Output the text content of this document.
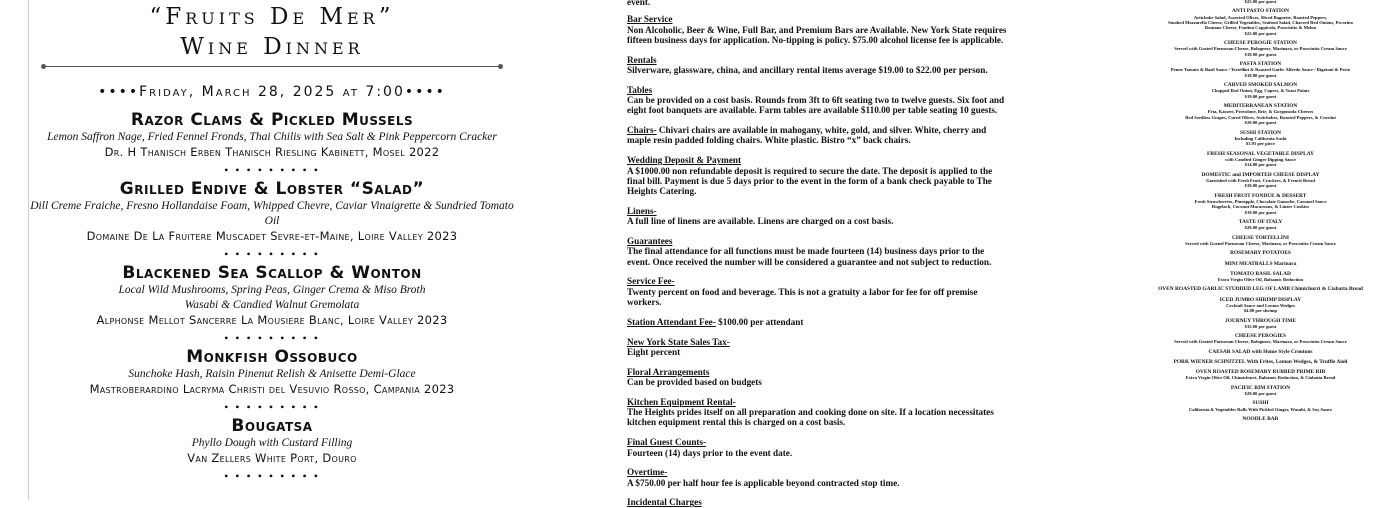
“Fruits De Mer”
Wine Dinner
••••Friday, March 28, 2025 at 7:00••••
Razor Clams & Pickled Mussels
Lemon Saffron Nage, Fried Fennel Fronds, Thai Chilis with Sea Salt & Pink Peppercorn Cracker
Dr. H Thanisch Erben Thanisch Riesling Kabinett, Mosel 2022
• • • • • • • • •
Grilled Endive & Lobster “Salad”
Dill Creme Fraiche, Fresno Hollandaise Foam, Whipped Chevre, Caviar Vinaigrette & Sundried Tomato Oil
Domaine De La Fruitere Muscadet Sevre-et-Maine, Loire Valley 2023
• • • • • • • • •
Blackened Sea Scallop & Wonton
Local Wild Mushrooms, Spring Peas, Ginger Crema & Miso Broth
Wasabi & Candied Walnut Gremolata
Alphonse Mellot Sancerre La Mousiere Blanc, Loire Valley 2023
• • • • • • • • •
Monkfish Ossobuco
Sunchoke Hash, Raisin Pinenut Relish & Anisette Demi-Glace
Mastroberardino Lacryma Christi del Vesuvio Rosso, Campania 2023
• • • • • • • • •
Bougatsa
Phyllo Dough with Custard Filling
Van Zellers White Port, Douro
• • • • • • • • •
event.
Bar Service
Non Alcoholic, Beer & Wine, Full Bar, and Premium Bars are Available. New York State requires fifteen business days for application. No-tipping is policy. $75.00 alcohol license fee is applicable.
Rentals
Silverware, glassware, china, and ancillary rental items average $19.00 to $22.00 per person.
Tables
Can be provided on a cost basis. Rounds from 3ft to 6ft seating two to twelve guests. Six foot and eight foot banquets are available. Farm tables are available $110.00 per table seating 10 guests.
Chairs- Chivari chairs are available in mahogany, white, gold, and silver. White, cherry and maple resin padded folding chairs. White plastic. Bistro “x” back chairs.
Wedding Deposit & Payment
A $1000.00 non refundable deposit is required to secure the date. The deposit is applied to the final bill. Payment is due 5 days prior to the event in the form of a bank check payable to The Heights Catering.
Linens-
A full line of linens are available. Linens are charged on a cost basis.
Guarantees
The final attendance for all functions must be made fourteen (14) business days prior to the event. Once received the number will be considered a guarantee and not subject to reduction.
Service Fee-
Twenty percent on food and beverage. This is not a gratuity a labor for fee for off premise workers.
Station Attendant Fee- $100.00 per attendant
New York State Sales Tax-
Eight percent
Floral Arrangements
Can be provided based on budgets
Kitchen Equipment Rental-
The Heights prides itself on all preparation and cooking done on site. If a location necessitates kitchen equipment rental this is charged on a cost basis.
Final Guest Counts-
Fourteen (14) days prior to the event date.
Overtime-
A $750.00 per half hour fee is applicable beyond contracted stop time.
Incidental Charges
$25.00 per guest
ANTI PASTO STATION
Artichoke Salad, Assorted Olives, Sliced Baguette, Roasted Peppers,
Smoked Mozzarella Cheese, Grilled Vegetables, Seafood Salad, Charred Red Onions, Pecorino
Romano Cheese, Fontina Cappicola, Prosciutto & Melon
$22.00 per guest
CHEESE PEROGIE STATION
Served with Grated Parmesan Cheese, Bolognese, Marinara, or Prosciutto Cream Sauce
$18.00 per guest
PASTA STATION
Penne Tomato & Basil Sauce / Tortellini & Roasted Garlic Alfredo Sauce / Rigatoni & Pesto
$18.00 per guest
CARVED SMOKED SALMON
Chopped Red Onion, Egg, Capers, & Toast Points
$19.00 per guest
MEDITERRANEAN STATION
Feta, Kasseri, Provolone, Brie, & Gorgonzola Cheeses
Red Seedless Grapes, Cured Olives, Artichokes, Roasted Peppers, & Crostini
$20.00 per guest
SUSHI STATION
Including California Sushi
$3.95 per piece
FRESH SEASONAL VEGETABLE DISPLAY
with Candied Ginger Dipping Sauce
$14.00 per guest
DOMESTIC and IMPORTED CHEESE DISPLAY
Garnished with Fresh Fruit, Crackers, & French Bread
$19.00 per guest
FRESH FRUIT FONDUE & DESSERT
Fresh Strawberries, Pineapple, Chocolate Ganache, Caramel Sauce
Rugelach, Coconut Macaroons, & Linzer Cookies
$19.00 per guest
TASTE OF ITALY
$29.00 per guest
CHEESE TORTELLINI
Served with Grated Parmesan Cheese, Marinara, or Prosciutto Cream Sauce
ROSEMARY POTATOES
MINI MEATBALLS Marinara
TOMATO BASIL SALAD
Extra Virgin Olive Oil, Balsamic Reduction
OVEN ROASTED GARLIC STUDDED LEG OF LAMB Chimichurri & Ciabatta Bread
ICED JUMBO SHRIMP DISPLAY
Cocktail Sauce and Lemon Wedges
$4.00 per shrimp
JOURNEY THROUGH TIME
$35.00 per guest
CHEESE PEROGIES
Served with Grated Parmesan Cheese, Bolognese, Marinara, or Prosciutto Cream Sauce
CAESAR SALAD with Home Style Croutons
PORK WIENER SCHNITZEL With Frites, Lemon Wedges, & Truffle Aioli
OVEN ROASTED ROSEMARY RUBBED PRIME RIB
Extra Virgin Olive Oil, Chimichurri, Balsamic Reduction, & Ciabatta Bread
PACIFIC RIM STATION
$29.00 per guest
SUSHI
California & Vegetables Rolls With Pickled Ginger, Wasabi, & Soy Sauce
NOODLE BAR
